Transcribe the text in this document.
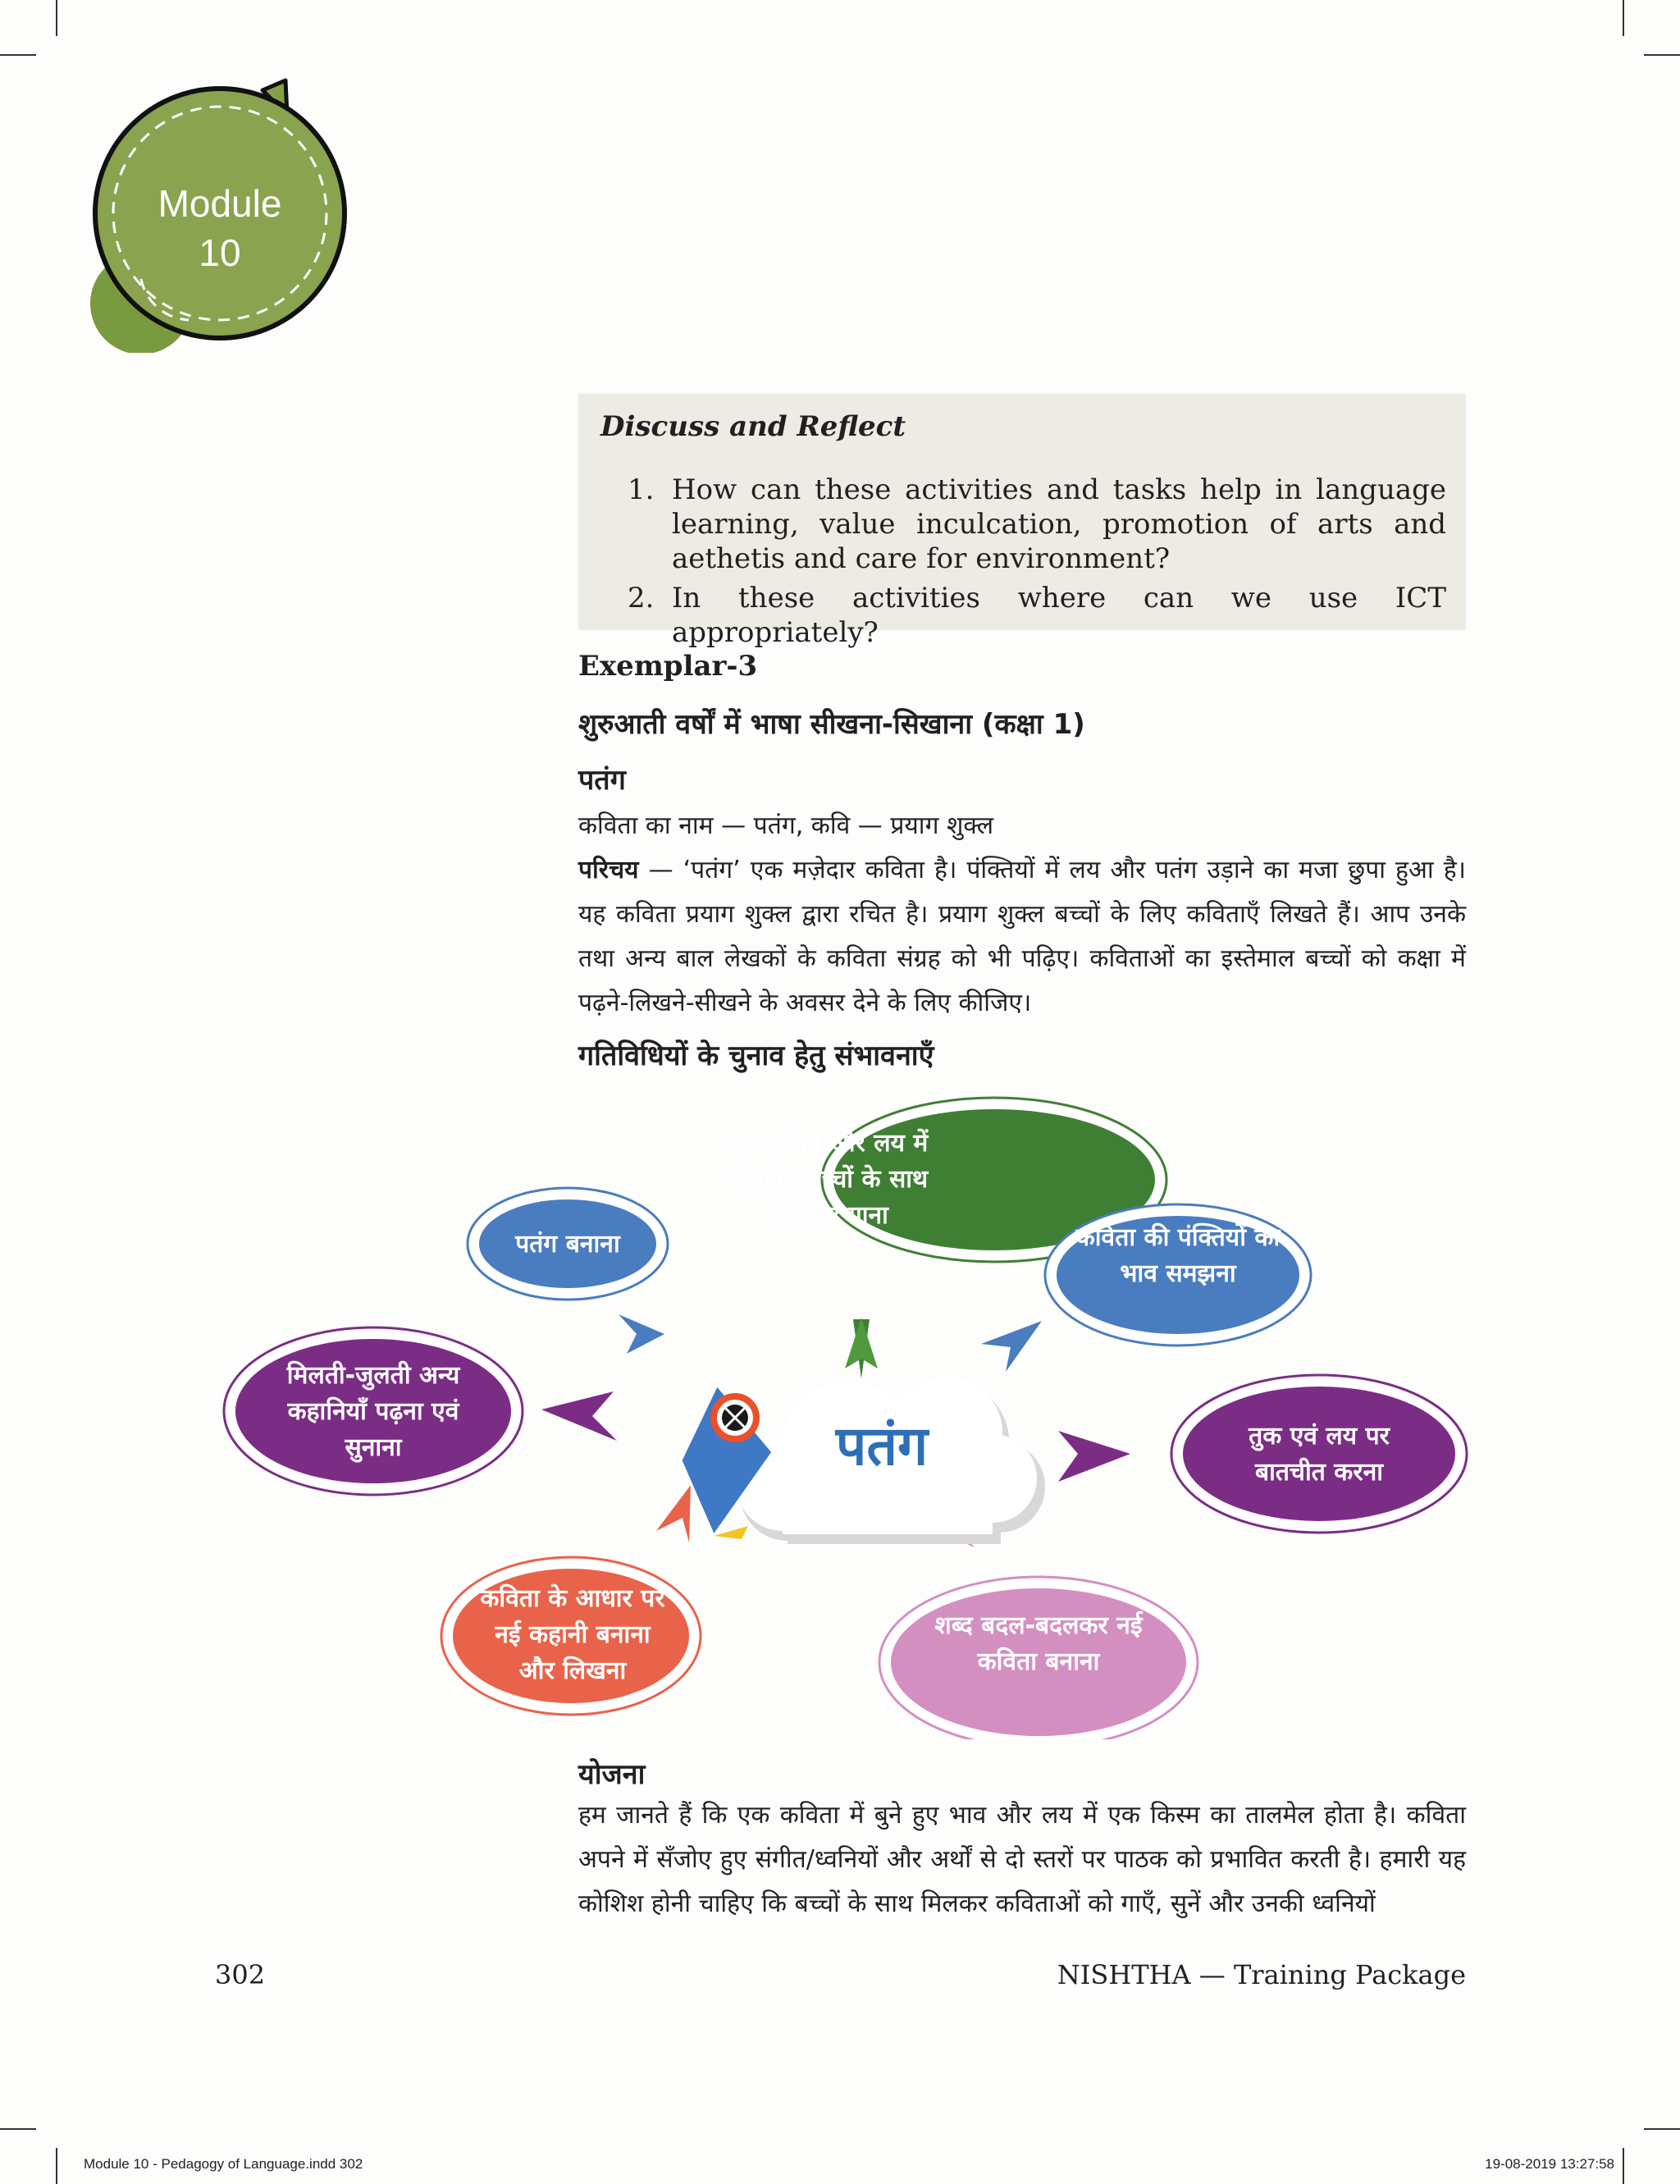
Module
10
Discuss and Reflect
1. How can these activities and tasks help in language learning, value inculcation, promotion of arts and aethetis and care for environment?
2. In these activities where can we use ICT appropriately?
Exemplar-3
शुरुआती वर्षों में भाषा सीखना-सिखाना (कक्षा 1)
पतंग

कविता का नाम — पतंग, कवि — प्रयाग शुक्ल

परिचय — ‘पतंग’ एक मज़ेदार कविता है। पंक्तियों में लय और पतंग उड़ाने का मजा छुपा हुआ है। यह कविता प्रयाग शुक्ल द्वारा रचित है। प्रयाग शुक्ल बच्चों के लिए कविताएँ लिखते हैं। आप उनके तथा अन्य बाल लेखकों के कविता संग्रह को भी पढ़िए। कविताओं का इस्तेमाल बच्चों को कक्षा में पढ़ने-लिखने-सीखने के अवसर देने के लिए कीजिए।

गतिविधियों के चुनाव हेतु संभावनाएँ
हाव, भाव और लय में सुनाना, बच्चों के साथ मिलकर गाना
पतंग बनाना	कविता की पंक्तियों का भाव समझना
मिलती-जुलती अन्य कहानियाँ पढ़ना एवं सुनाना	तुक एवं लय पर बातचीत करना
कविता के आधार पर नई कहानी बनाना और लिखना
शब्द बदल-बदलकर नई कविता बनाना
पतंग
योजना

हम जानते हैं कि एक कविता में बुने हुए भाव और लय में एक किस्म का तालमेल होता है। कविता अपने में सँजोए हुए संगीत/ध्वनियों और अर्थों से दो स्तरों पर पाठक को प्रभावित करती है। हमारी यह कोशिश होनी चाहिए कि बच्चों के साथ मिलकर कविताओं को गाएँ, सुनें और उनकी ध्वनियों

302	NISHTHA — Training Package
Module 10 - Pedagogy of Language.indd 302	19-08-2019 13:27:58
